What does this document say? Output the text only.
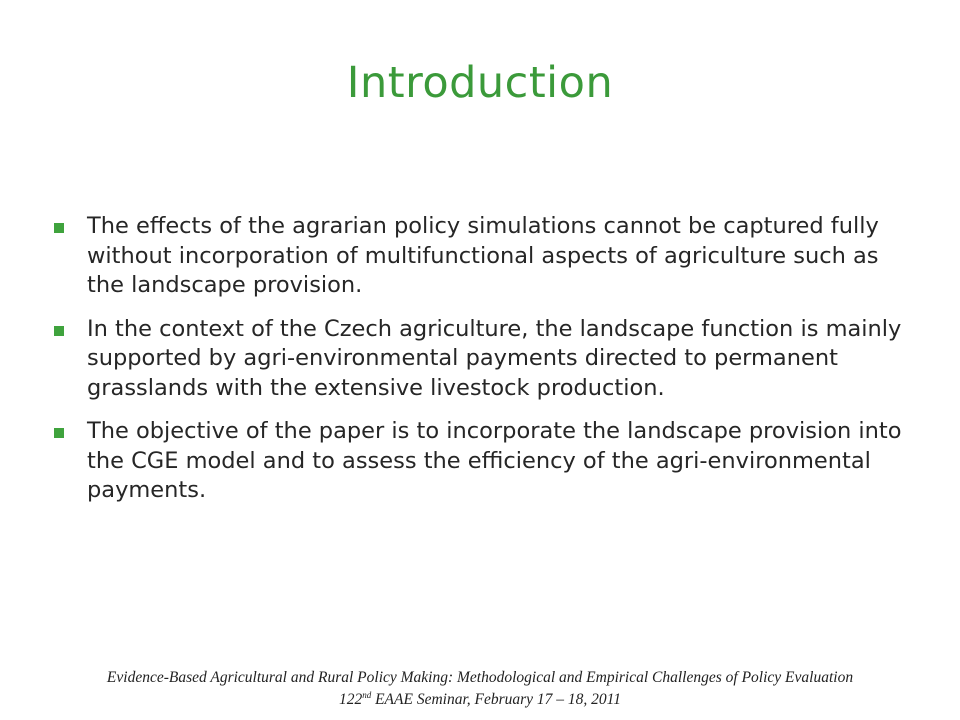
Introduction
The effects of the agrarian policy simulations cannot be captured fully without incorporation of multifunctional aspects of agriculture such as the landscape provision.
In the context of the Czech agriculture, the landscape function is mainly supported by agri-environmental payments directed to permanent grasslands with the extensive livestock production.
The objective of the paper is to incorporate the landscape provision into the CGE model and to assess the efficiency of the agri-environmental payments.
Evidence-Based Agricultural and Rural Policy Making: Methodological and Empirical Challenges of Policy Evaluation
122nd EAAE Seminar, February 17 – 18, 2011
